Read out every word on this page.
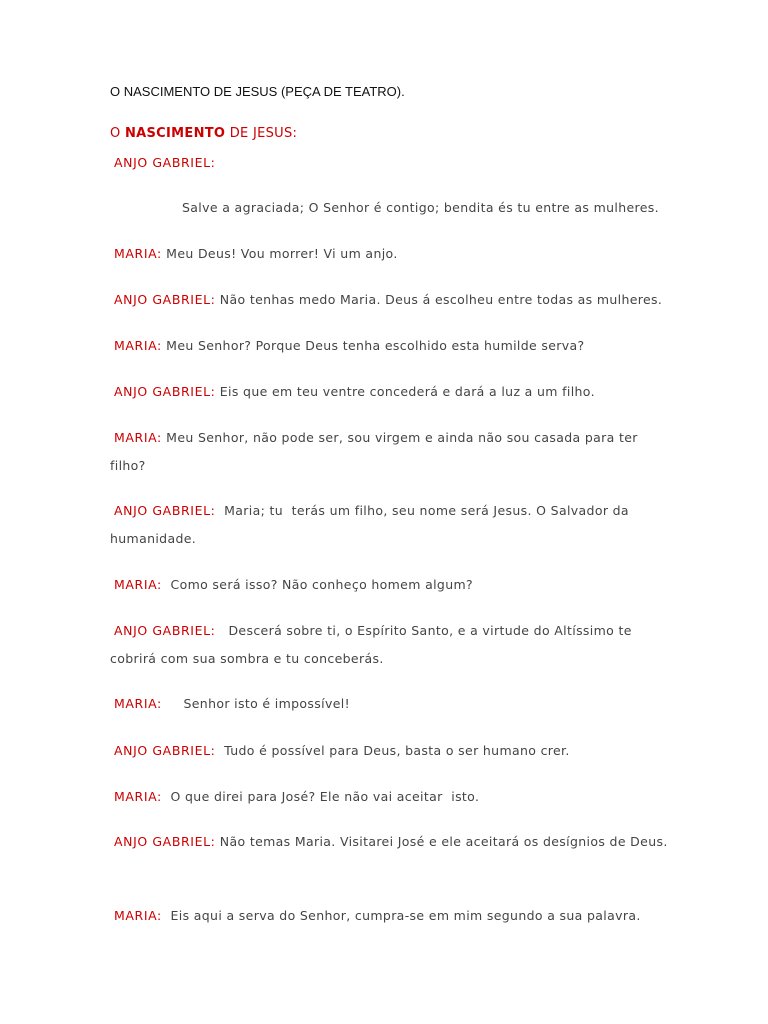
O NASCIMENTO DE JESUS (PEÇA DE TEATRO).
O NASCIMENTO DE JESUS:
ANJO GABRIEL:
Salve a agraciada; O Senhor é contigo; bendita és tu entre as mulheres.
MARIA: Meu Deus! Vou morrer! Vi um anjo.
ANJO GABRIEL: Não tenhas medo Maria. Deus á escolheu entre todas as mulheres.
MARIA: Meu Senhor? Porque Deus tenha escolhido esta humilde serva?
ANJO GABRIEL: Eis que em teu ventre concederá e dará a luz a um filho.
MARIA: Meu Senhor, não pode ser, sou virgem e ainda não sou casada para ter filho?
ANJO GABRIEL:  Maria; tu  terás um filho, seu nome será Jesus. O Salvador da humanidade.
MARIA:  Como será isso? Não conheço homem algum?
ANJO GABRIEL:   Descerá sobre ti, o Espírito Santo, e a virtude do Altíssimo te cobrirá com sua sombra e tu conceberás.
MARIA:     Senhor isto é impossível!
ANJO GABRIEL:  Tudo é possível para Deus, basta o ser humano crer.
MARIA:  O que direi para José? Ele não vai aceitar  isto.
ANJO GABRIEL: Não temas Maria. Visitarei José e ele aceitará os desígnios de Deus.
MARIA:  Eis aqui a serva do Senhor, cumpra-se em mim segundo a sua palavra.
